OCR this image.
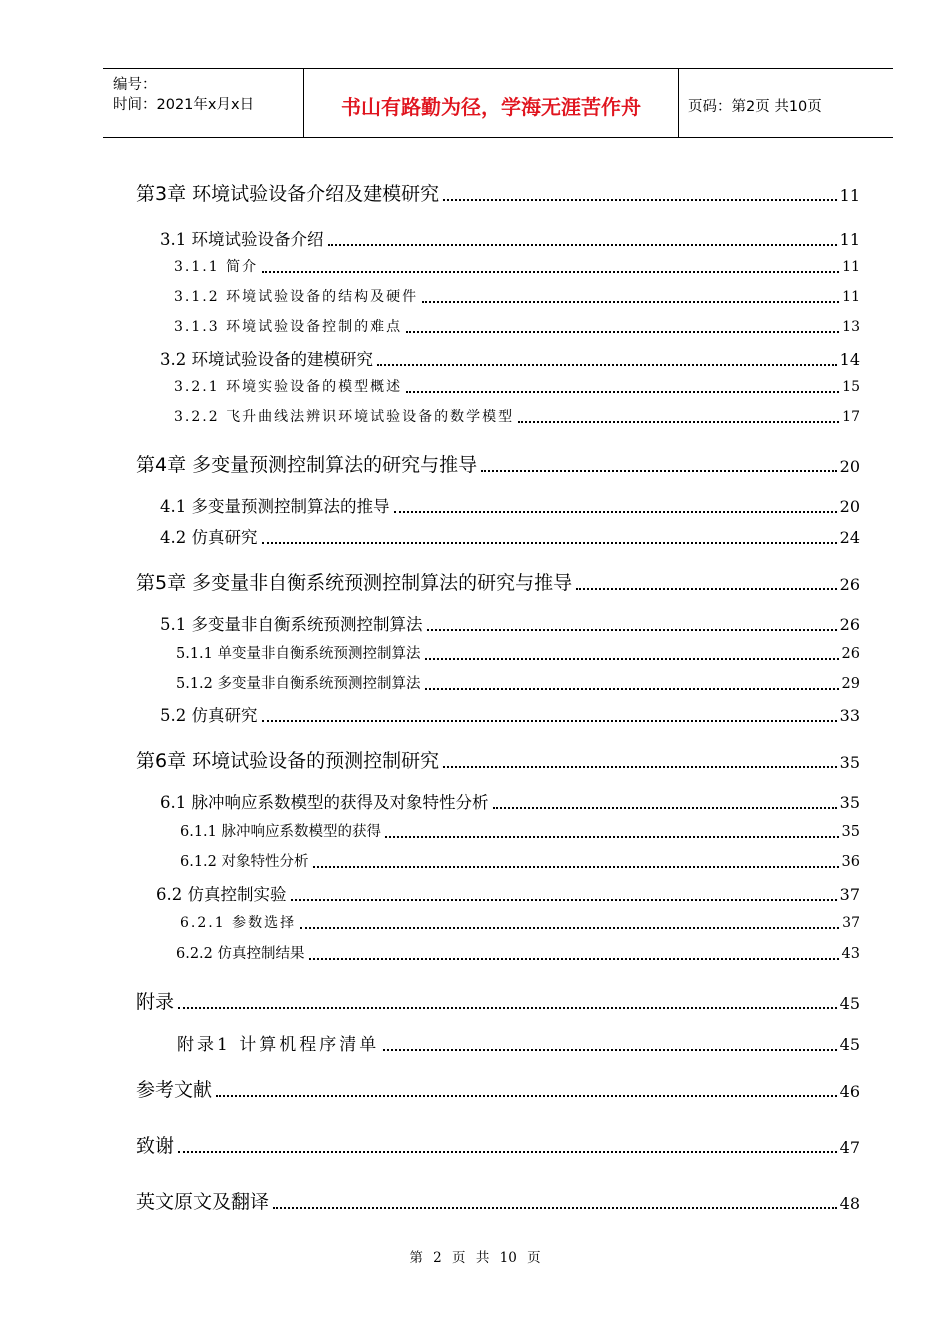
编号：
时间：2021年x月x日	书山有路勤为径，学海无涯苦作舟	页码：第2页 共10页
第3章 环境试验设备介绍及建模研究	11
3.1 环境试验设备介绍	11
3.1.1 简介	11
3.1.2 环境试验设备的结构及硬件	11
3.1.3 环境试验设备控制的难点	13
3.2 环境试验设备的建模研究	14
3.2.1 环境实验设备的模型概述	15
3.2.2 飞升曲线法辨识环境试验设备的数学模型	17
第4章 多变量预测控制算法的研究与推导	20
4.1 多变量预测控制算法的推导	20
4.2 仿真研究	24
第5章 多变量非自衡系统预测控制算法的研究与推导	26
5.1 多变量非自衡系统预测控制算法	26
5.1.1 单变量非自衡系统预测控制算法	26
5.1.2 多变量非自衡系统预测控制算法	29
5.2 仿真研究	33
第6章 环境试验设备的预测控制研究	35
6.1 脉冲响应系数模型的获得及对象特性分析	35
6.1.1 脉冲响应系数模型的获得	35
6.1.2 对象特性分析	36
6.2 仿真控制实验	37
6.2.1 参数选择	37
6.2.2 仿真控制结果	43
附录	45
附录1 计算机程序清单	45
参考文献	46
致谢	47
英文原文及翻译	48
第 2 页 共 10 页
